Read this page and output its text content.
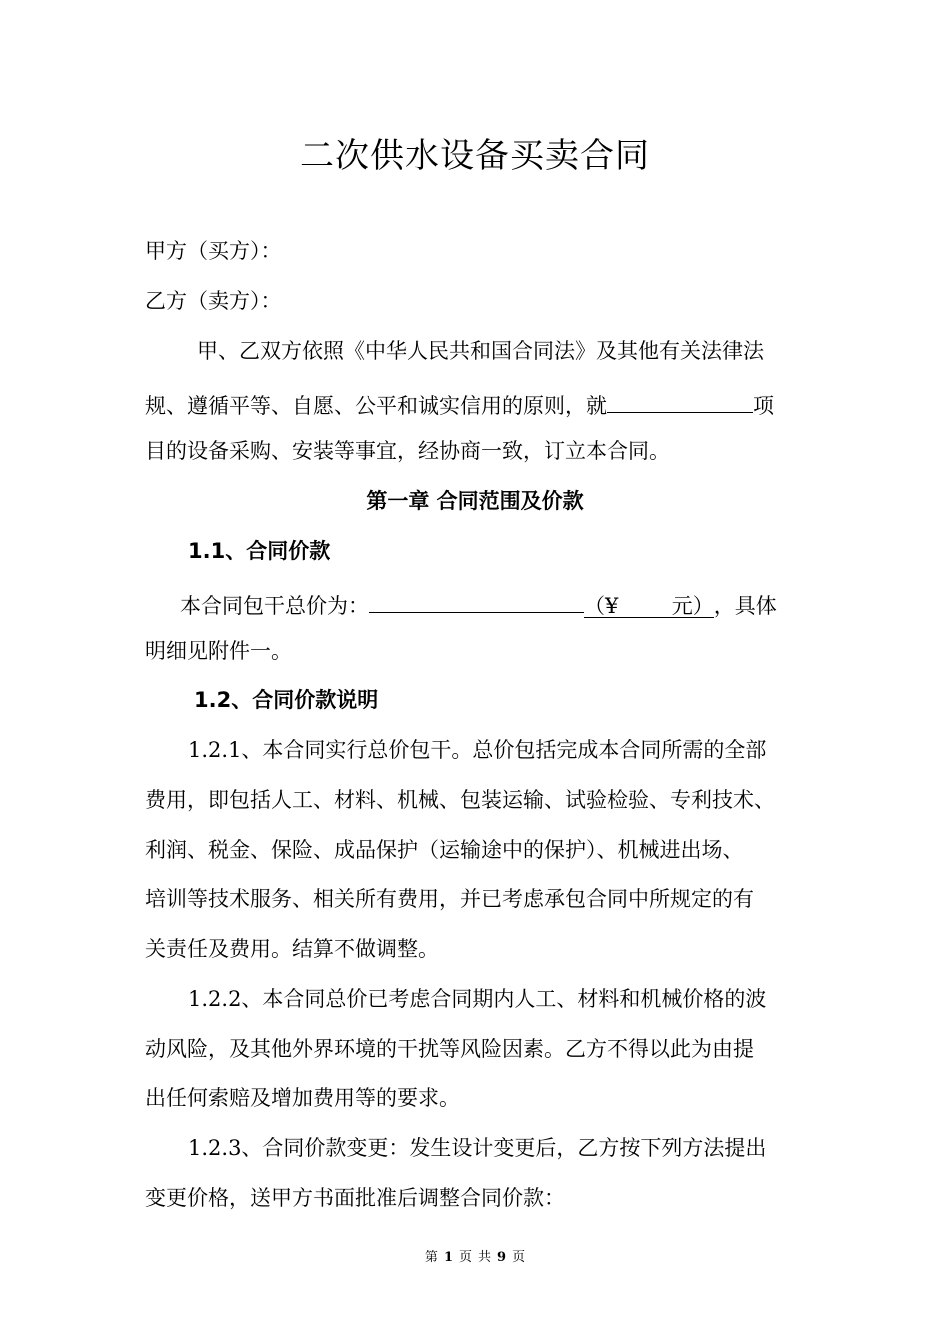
二次供水设备买卖合同
甲方（买方）：
乙方（卖方）：
甲、乙双方依照《中华人民共和国合同法》及其他有关法律法
规、遵循平等、自愿、公平和诚实信用的原则，就	项
目的设备采购、安装等事宜，经协商一致，订立本合同。
第一章 合同范围及价款
1.1、合同价款
本合同包干总价为：	（¥        元），具体
明细见附件一。
1.2、合同价款说明
1.2.1、本合同实行总价包干。总价包括完成本合同所需的全部
费用，即包括人工、材料、机械、包装运输、试验检验、专利技术、
利润、税金、保险、成品保护（运输途中的保护）、机械进出场、
培训等技术服务、相关所有费用，并已考虑承包合同中所规定的有
关责任及费用。结算不做调整。
1.2.2、本合同总价已考虑合同期内人工、材料和机械价格的波
动风险，及其他外界环境的干扰等风险因素。乙方不得以此为由提
出任何索赔及增加费用等的要求。
1.2.3、合同价款变更：发生设计变更后，乙方按下列方法提出
变更价格，送甲方书面批准后调整合同价款：
第 1 页 共 9 页
